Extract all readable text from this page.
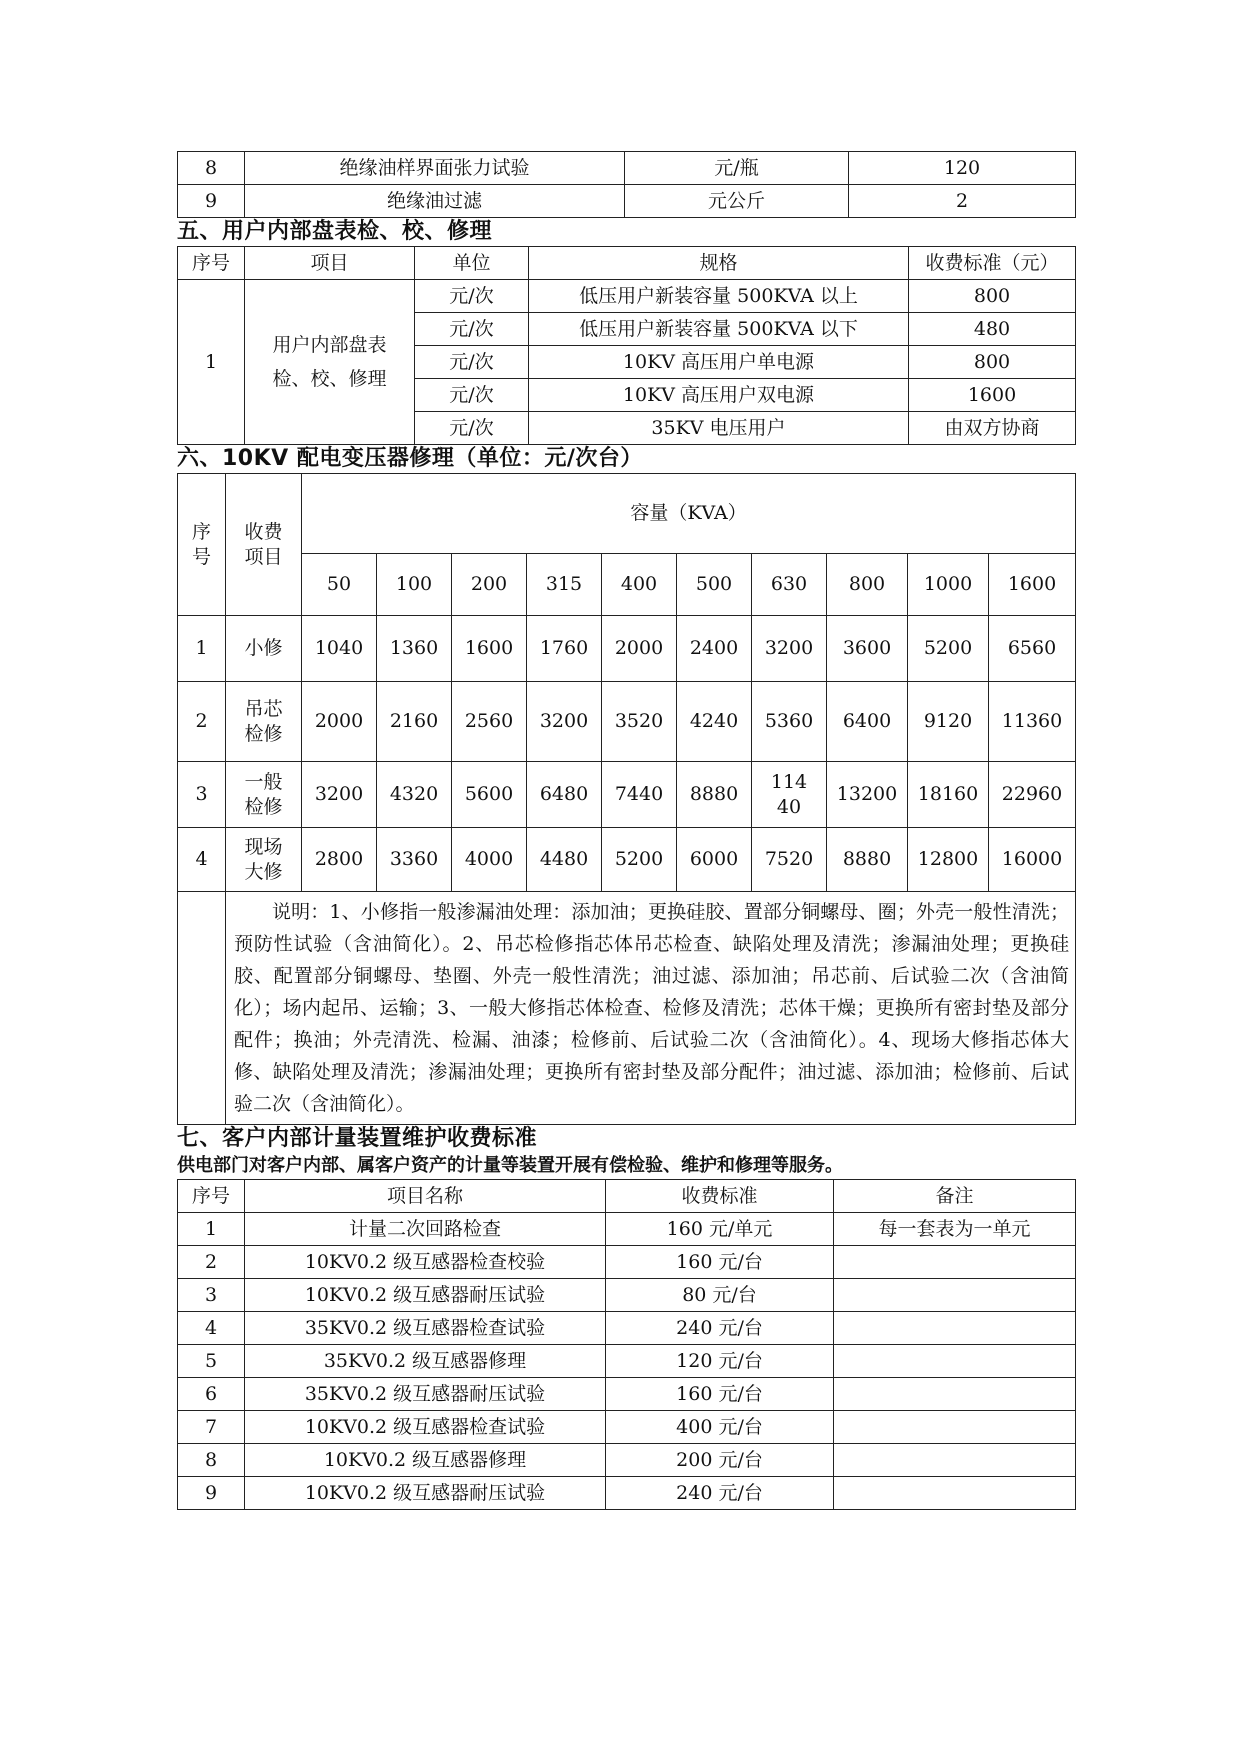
8	绝缘油样界面张力试验	元/瓶	120
9	绝缘油过滤	元公斤	2
五、用户内部盘表检、校、修理
序号	项目	单位	规格	收费标准（元）
1	用户内部盘表检、校、修理	元/次	低压用户新装容量 500KVA 以上	800
		元/次	低压用户新装容量 500KVA 以下	480
		元/次	10KV 高压用户单电源	800
		元/次	10KV 高压用户双电源	1600
		元/次	35KV 电压用户	由双方协商
六、10KV 配电变压器修理（单位：元/次台）
序号	收费项目	容量（KVA）									
		50	100	200	315	400	500	630	800	1000	1600
1	小修	1040	1360	1600	1760	2000	2400	3200	3600	5200	6560
2	吊芯检修	2000	2160	2560	3200	3520	4240	5360	6400	9120	11360
3	一般检修	3200	4320	5600	6480	7440	8880	11440	13200	18160	22960
4	现场大修	2800	3360	4000	4480	5200	6000	7520	8880	12800	16000
	说明：1、小修指一般渗漏油处理：添加油；更换硅胶、置部分铜螺母、圈；外壳一般性清洗；预防性试验（含油简化）。2、吊芯检修指芯体吊芯检查、缺陷处理及清洗；渗漏油处理；更换硅胶、配置部分铜螺母、垫圈、外壳一般性清洗；油过滤、添加油；吊芯前、后试验二次（含油简化）；场内起吊、运输；3、一般大修指芯体检查、检修及清洗；芯体干燥；更换所有密封垫及部分配件；换油；外壳清洗、检漏、油漆；检修前、后试验二次（含油简化）。4、现场大修指芯体大修、缺陷处理及清洗；渗漏油处理；更换所有密封垫及部分配件；油过滤、添加油；检修前、后试验二次（含油简化）。										
七、客户内部计量装置维护收费标准

供电部门对客户内部、属客户资产的计量等装置开展有偿检验、维护和修理等服务。

序号	项目名称	收费标准	备注
1	计量二次回路检查	160 元/单元	每一套表为一单元
2	10KV0.2 级互感器检查校验	160 元/台	
3	10KV0.2 级互感器耐压试验	80 元/台	
4	35KV0.2 级互感器检查试验	240 元/台	
5	35KV0.2 级互感器修理	120 元/台	
6	35KV0.2 级互感器耐压试验	160 元/台	
7	10KV0.2 级互感器检查试验	400 元/台	
8	10KV0.2 级互感器修理	200 元/台	
9	10KV0.2 级互感器耐压试验	240 元/台	
